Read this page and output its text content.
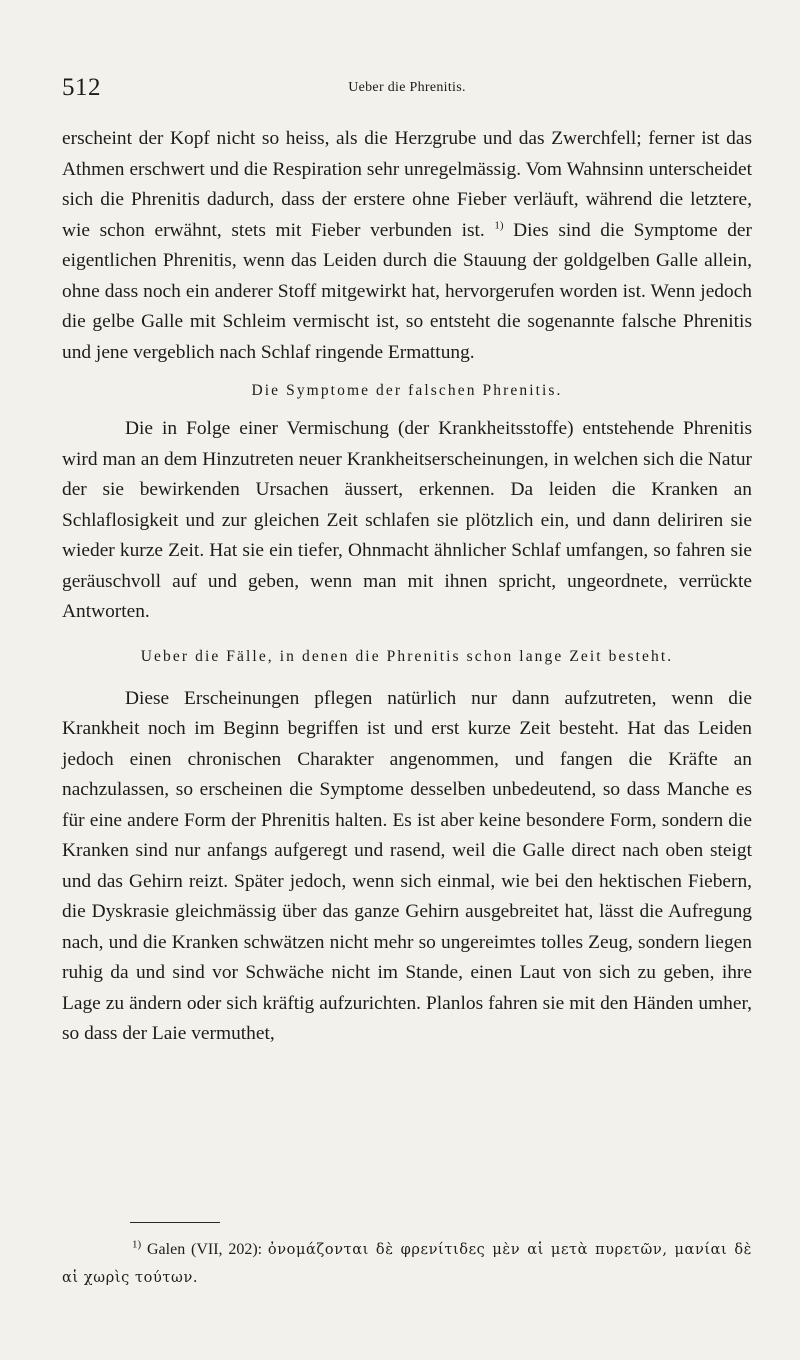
512	Ueber die Phrenitis.

erscheint der Kopf nicht so heiss, als die Herzgrube und das Zwerchfell; ferner ist das Athmen erschwert und die Respiration sehr unregelmässig. Vom Wahnsinn unterscheidet sich die Phrenitis dadurch, dass der erstere ohne Fieber verläuft, während die letztere, wie schon erwähnt, stets mit Fieber verbunden ist. $^{1)}$ Dies sind die Symptome der eigentlichen Phrenitis, wenn das Leiden durch die Stauung der goldgelben Galle allein, ohne dass noch ein anderer Stoff mitgewirkt hat, hervorgerufen worden ist. Wenn jedoch die gelbe Galle mit Schleim vermischt ist, so entsteht die sogenannte falsche Phrenitis und jene vergeblich nach Schlaf ringende Ermattung.

Die Symptome der falschen Phrenitis.

Die in Folge einer Vermischung (der Krankheitsstoffe) entstehende Phrenitis wird man an dem Hinzutreten neuer Krankheitserscheinungen, in welchen sich die Natur der sie bewirkenden Ursachen äussert, erkennen. Da leiden die Kranken an Schlaflosigkeit und zur gleichen Zeit schlafen sie plötzlich ein, und dann deliriren sie wieder kurze Zeit. Hat sie ein tiefer, Ohnmacht ähnlicher Schlaf umfangen, so fahren sie geräuschvoll auf und geben, wenn man mit ihnen spricht, ungeordnete, verrückte Antworten.

Ueber die Fälle, in denen die Phrenitis schon lange Zeit besteht.

Diese Erscheinungen pflegen natürlich nur dann aufzutreten, wenn die Krankheit noch im Beginn begriffen ist und erst kurze Zeit besteht. Hat das Leiden jedoch einen chronischen Charakter angenommen, und fangen die Kräfte an nachzulassen, so erscheinen die Symptome desselben unbedeutend, so dass Manche es für eine andere Form der Phrenitis halten. Es ist aber keine besondere Form, sondern die Kranken sind nur anfangs aufgeregt und rasend, weil die Galle direct nach oben steigt und das Gehirn reizt. Später jedoch, wenn sich einmal, wie bei den hektischen Fiebern, die Dyskrasie gleichmässig über das ganze Gehirn ausgebreitet hat, lässt die Aufregung nach, und die Kranken schwätzen nicht mehr so ungereimtes tolles Zeug, sondern liegen ruhig da und sind vor Schwäche nicht im Stande, einen Laut von sich zu geben, ihre Lage zu ändern oder sich kräftig aufzurichten. Planlos fahren sie mit den Händen umher, so dass der Laie vermuthet,

$^{1)}$ Galen (VII, 202): ὀνομάζονται δὲ φρενίτιδες μὲν αἱ μετὰ πυρετῶν, μανίαι δὲ αἱ χωρὶς τούτων.
